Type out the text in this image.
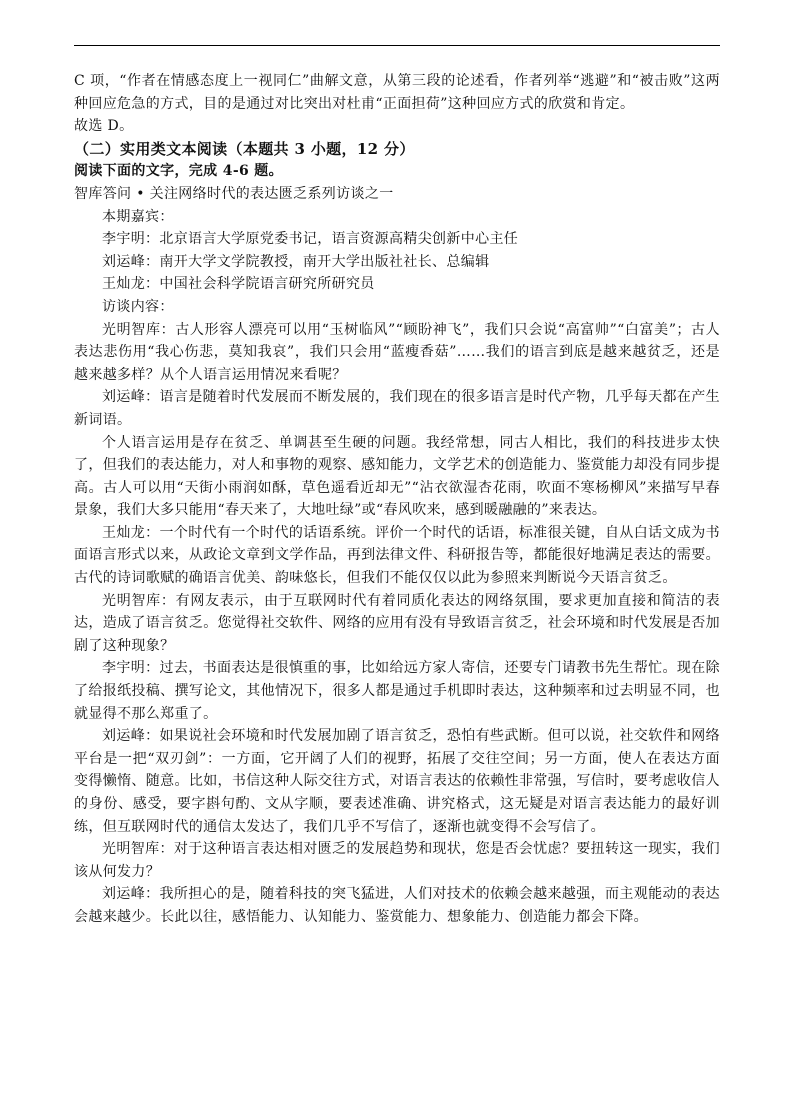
C 项，“作者在情感态度上一视同仁”曲解文意，从第三段的论述看，作者列举“逃避”和“被击败”这两种回应危急的方式，目的是通过对比突出对杜甫“正面担荷”这种回应方式的欣赏和肯定。

故选 D。

（二）实用类文本阅读（本题共 3 小题，12 分）

阅读下面的文字，完成 4-6 题。

智库答问 • 关注网络时代的表达匮乏系列访谈之一

本期嘉宾：

李宇明：北京语言大学原党委书记，语言资源高精尖创新中心主任

刘运峰：南开大学文学院教授，南开大学出版社社长、总编辑

王灿龙：中国社会科学院语言研究所研究员

访谈内容：

光明智库：古人形容人漂亮可以用“玉树临风”“顾盼神飞”，我们只会说“高富帅”“白富美”；古人表达悲伤用“我心伤悲，莫知我哀”，我们只会用“蓝瘦香菇”……我们的语言到底是越来越贫乏，还是越来越多样？从个人语言运用情况来看呢？

刘运峰：语言是随着时代发展而不断发展的，我们现在的很多语言是时代产物，几乎每天都在产生新词语。

个人语言运用是存在贫乏、单调甚至生硬的问题。我经常想，同古人相比，我们的科技进步太快了，但我们的表达能力，对人和事物的观察、感知能力，文学艺术的创造能力、鉴赏能力却没有同步提高。古人可以用“天街小雨润如酥，草色遥看近却无”“沾衣欲湿杏花雨，吹面不寒杨柳风”来描写早春景象，我们大多只能用“春天来了，大地吐绿”或“春风吹来，感到暖融融的”来表达。

王灿龙：一个时代有一个时代的话语系统。评价一个时代的话语，标准很关键，自从白话文成为书面语言形式以来，从政论文章到文学作品，再到法律文件、科研报告等，都能很好地满足表达的需要。古代的诗词歌赋的确语言优美、韵味悠长，但我们不能仅仅以此为参照来判断说今天语言贫乏。

光明智库：有网友表示，由于互联网时代有着同质化表达的网络氛围，要求更加直接和简洁的表达，造成了语言贫乏。您觉得社交软件、网络的应用有没有导致语言贫乏，社会环境和时代发展是否加剧了这种现象？

李宇明：过去，书面表达是很慎重的事，比如给远方家人寄信，还要专门请教书先生帮忙。现在除了给报纸投稿、撰写论文，其他情况下，很多人都是通过手机即时表达，这种频率和过去明显不同，也就显得不那么郑重了。

刘运峰：如果说社会环境和时代发展加剧了语言贫乏，恐怕有些武断。但可以说，社交软件和网络平台是一把“双刃剑”：一方面，它开阔了人们的视野，拓展了交往空间；另一方面，使人在表达方面变得懒惰、随意。比如，书信这种人际交往方式，对语言表达的依赖性非常强，写信时，要考虑收信人的身份、感受，要字斟句酌、文从字顺，要表述准确、讲究格式，这无疑是对语言表达能力的最好训练，但互联网时代的通信太发达了，我们几乎不写信了，逐渐也就变得不会写信了。

光明智库：对于这种语言表达相对匮乏的发展趋势和现状，您是否会忧虑？要扭转这一现实，我们该从何发力？

刘运峰：我所担心的是，随着科技的突飞猛进，人们对技术的依赖会越来越强，而主观能动的表达会越来越少。长此以往，感悟能力、认知能力、鉴赏能力、想象能力、创造能力都会下降。
